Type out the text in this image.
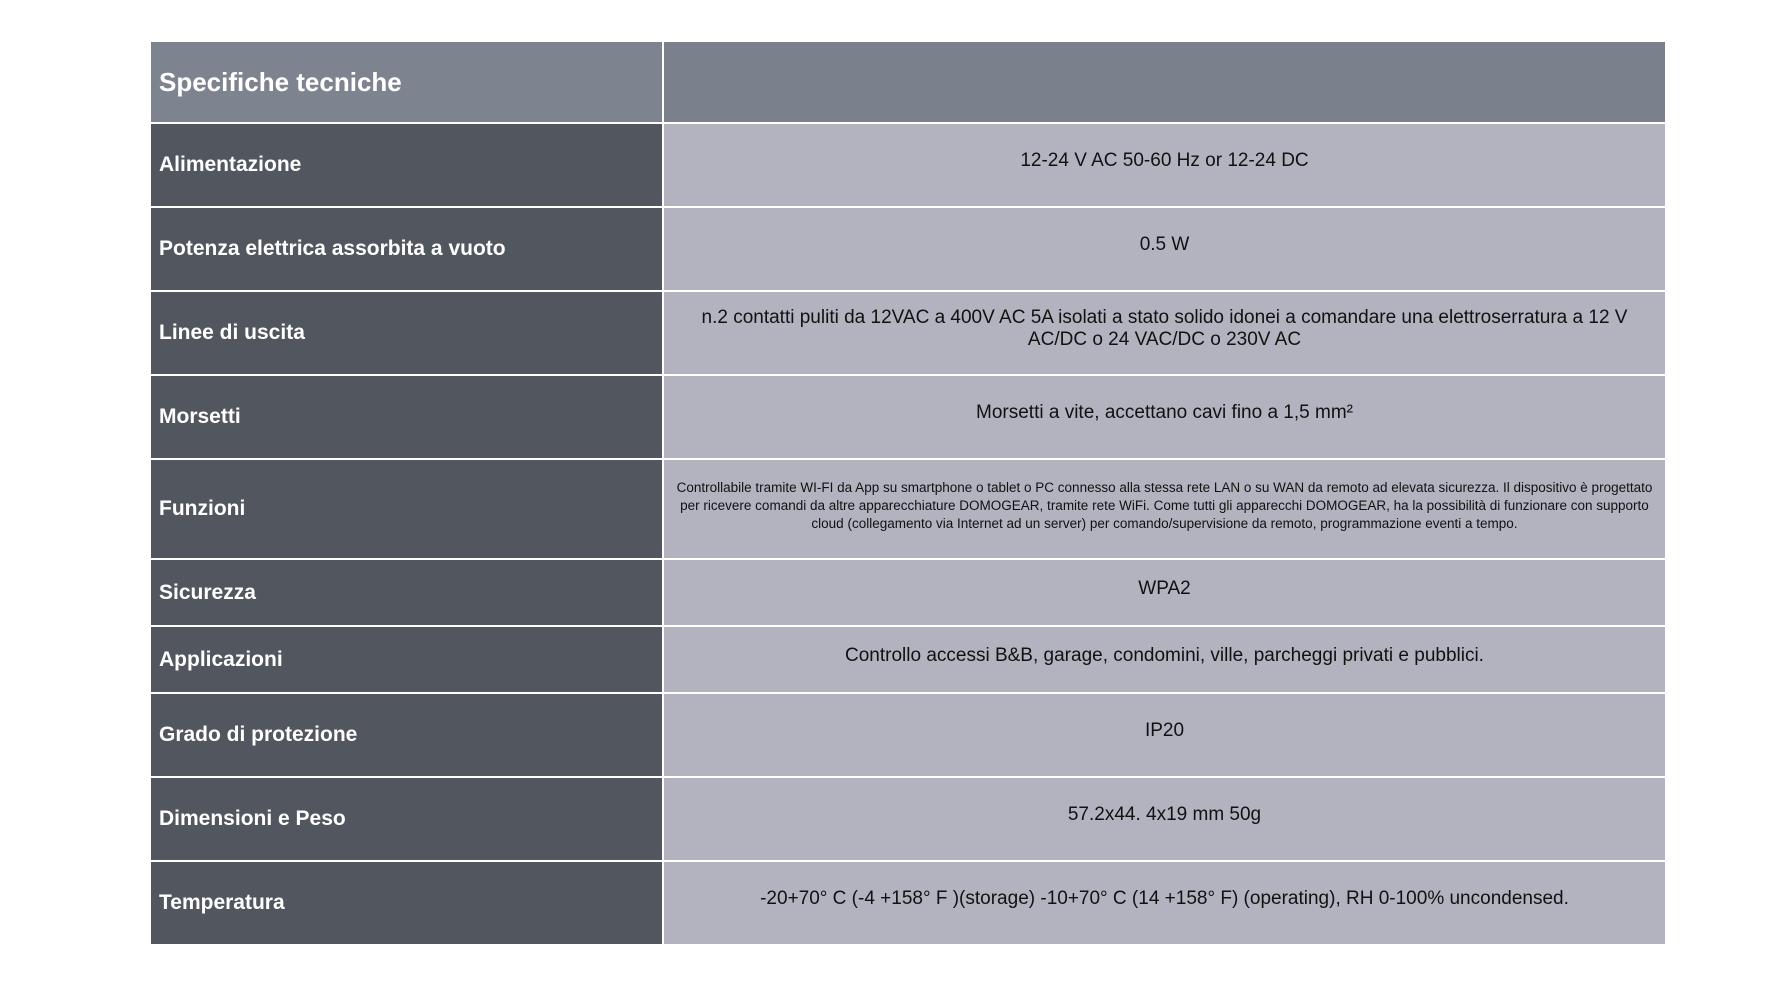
Specifiche tecniche	

Alimentazione	12-24 V AC 50-60 Hz or 12-24 DC

Potenza elettrica assorbita a vuoto	0.5 W

Linee di uscita	n.2 contatti puliti da 12VAC a 400V AC 5A isolati a stato solido idonei a comandare una elettroserratura a 12 V AC/DC o 24 VAC/DC o 230V AC

Morsetti	Morsetti a vite, accettano cavi fino a 1,5 mm²

Funzioni	Controllabile tramite WI-FI da App su smartphone o tablet o PC connesso alla stessa rete LAN o su WAN da remoto ad elevata sicurezza. Il dispositivo è progettato per ricevere comandi da altre apparecchiature DOMOGEAR, tramite rete WiFi. Come tutti gli apparecchi DOMOGEAR, ha la possibilità di funzionare con supporto cloud (collegamento via Internet ad un server) per comando/supervisione da remoto, programmazione eventi a tempo.

Sicurezza	WPA2

Applicazioni	Controllo accessi B&B, garage, condomini, ville, parcheggi privati e pubblici.

Grado di protezione	IP20

Dimensioni e Peso	57.2x44. 4x19 mm 50g

Temperatura	-20+70° C (-4 +158° F )(storage) -10+70° C (14 +158° F) (operating), RH 0-100% uncondensed.
